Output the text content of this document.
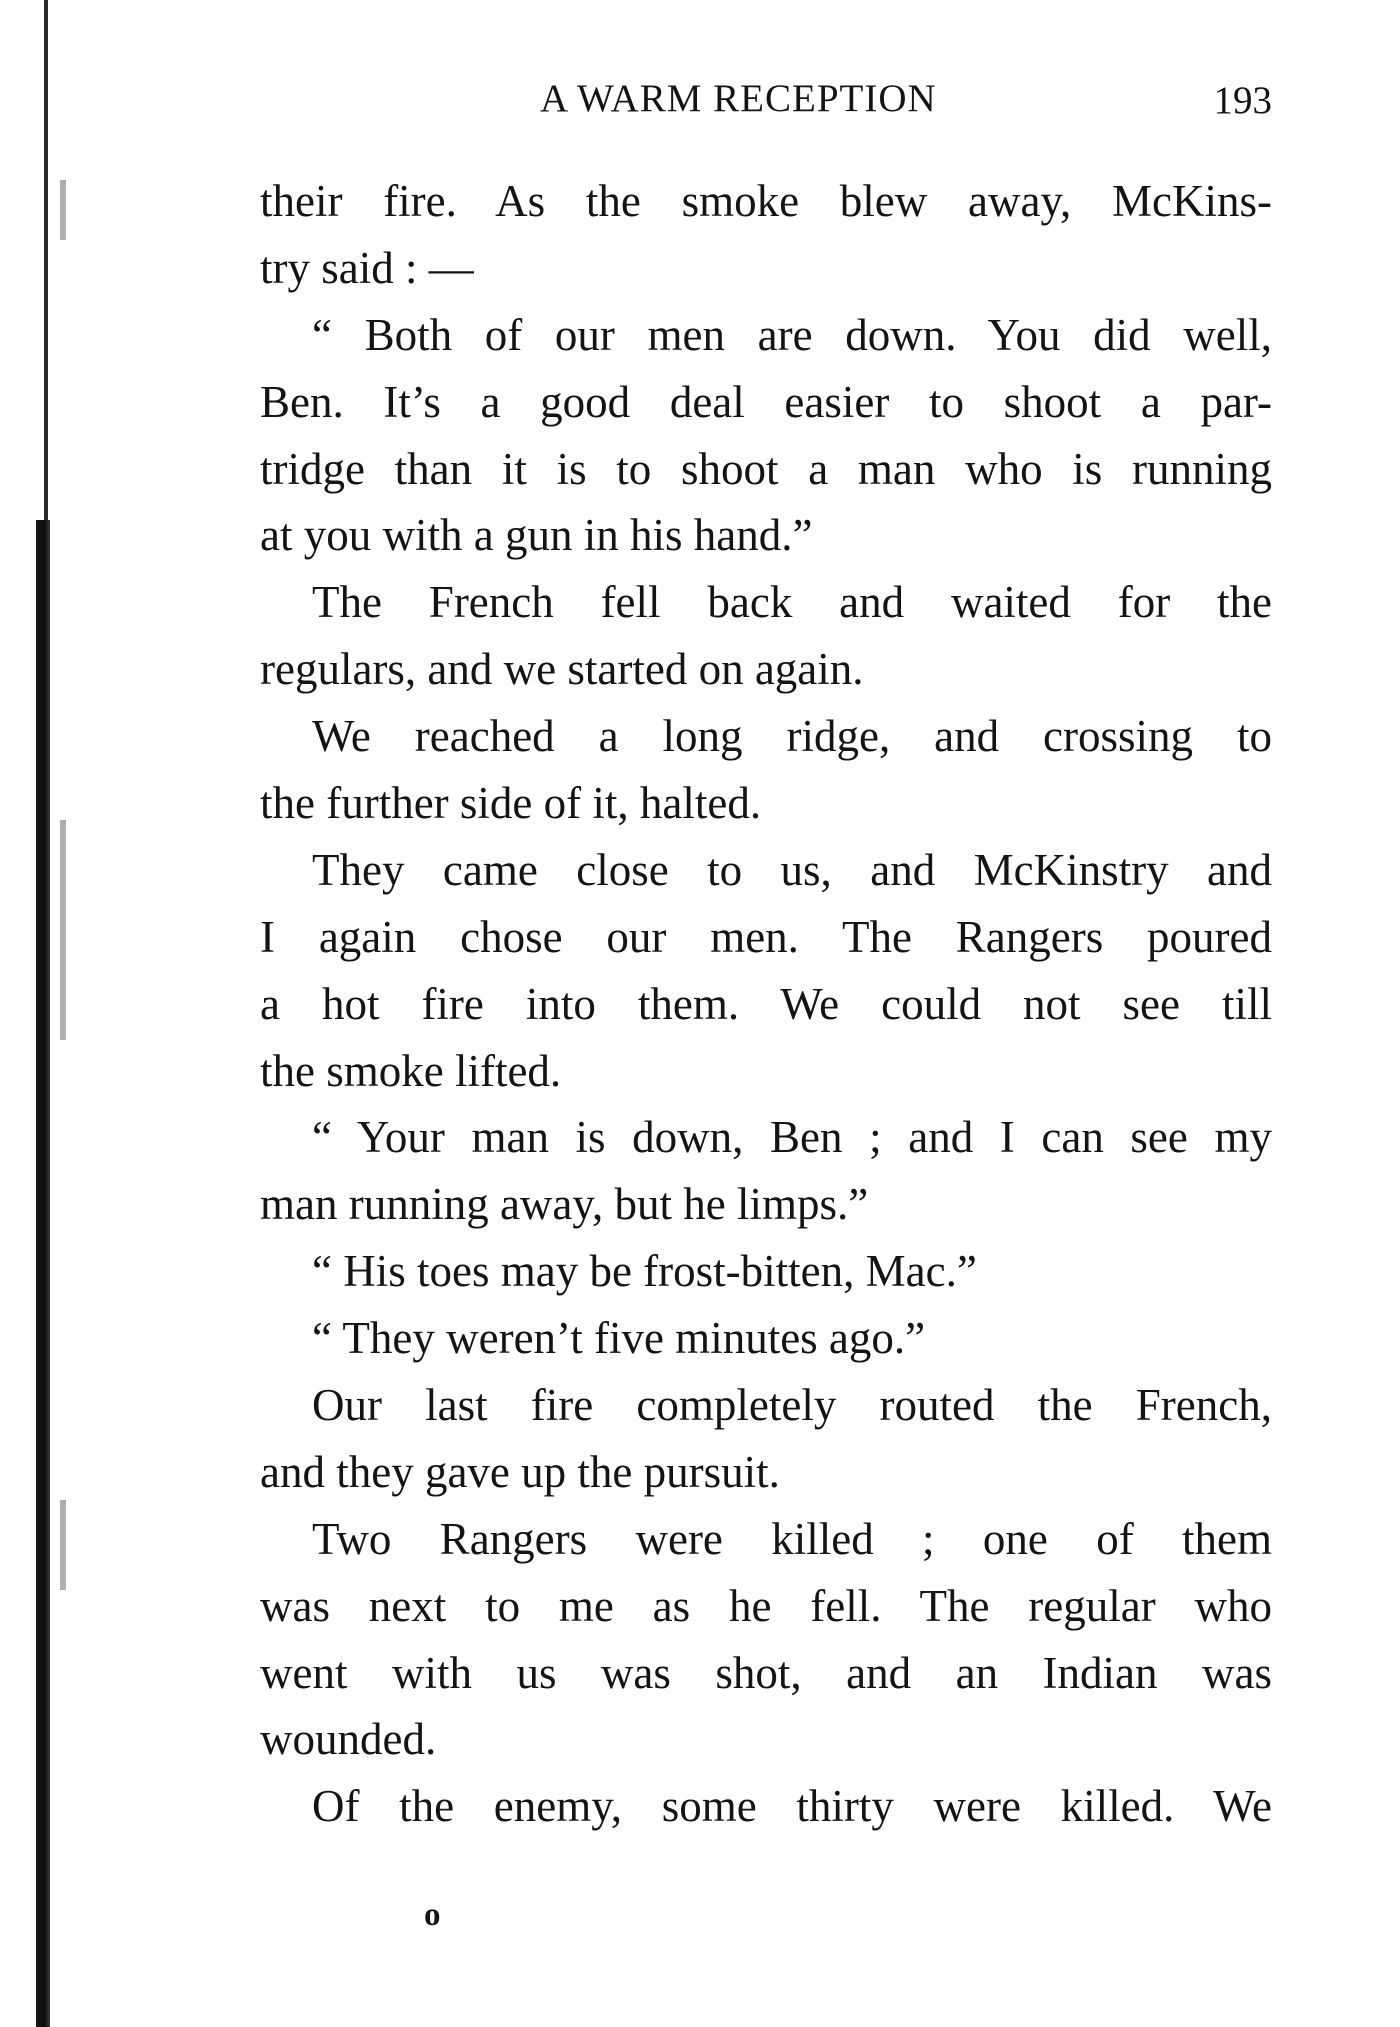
A WARM RECEPTION	193
their fire. As the smoke blew away, McKins-
try said : —
“ Both of our men are down. You did well,
Ben. It’s a good deal easier to shoot a par-
tridge than it is to shoot a man who is running
at you with a gun in his hand.”
The French fell back and waited for the
regulars, and we started on again.
We reached a long ridge, and crossing to
the further side of it, halted.
They came close to us, and McKinstry and
I again chose our men. The Rangers poured
a hot fire into them. We could not see till
the smoke lifted.
“ Your man is down, Ben ; and I can see my
man running away, but he limps.”
“ His toes may be frost-bitten, Mac.”
“ They weren’t five minutes ago.”
Our last fire completely routed the French,
and they gave up the pursuit.
Two Rangers were killed ; one of them
was next to me as he fell. The regular who
went with us was shot, and an Indian was
wounded.
Of the enemy, some thirty were killed. We
o
